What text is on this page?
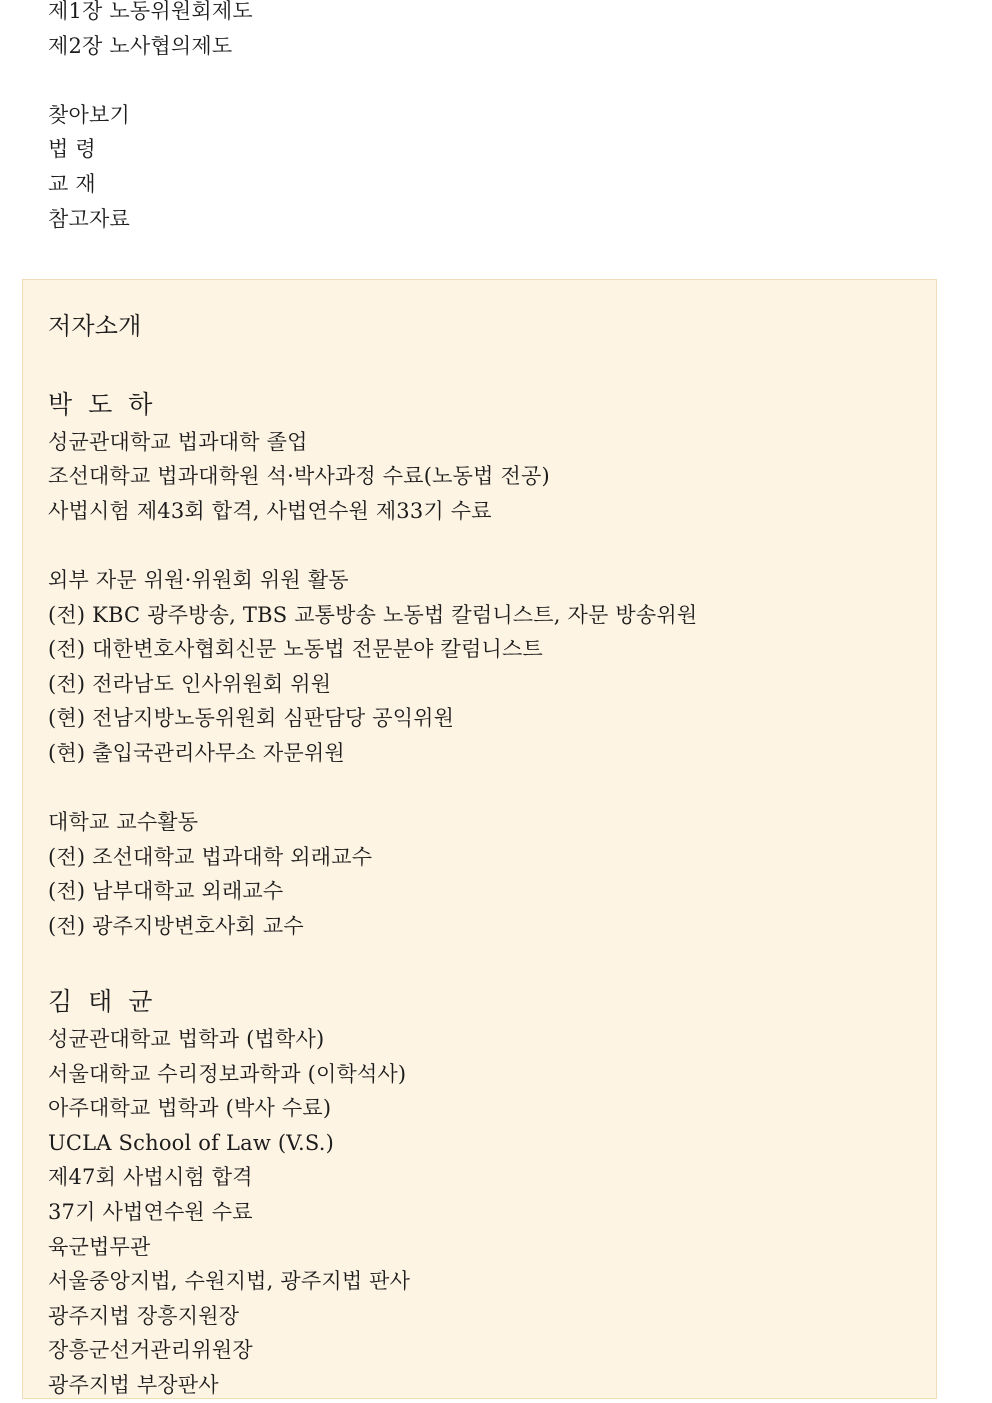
제1장 노동위원회제도
제2장 노사협의제도
찾아보기
법 령
교 재
참고자료
저자소개
박 도 하
성균관대학교 법과대학 졸업
조선대학교 법과대학원 석·박사과정 수료(노동법 전공)
사법시험 제43회 합격, 사법연수원 제33기 수료
외부 자문 위원·위원회 위원 활동
(전) KBC 광주방송, TBS 교통방송 노동법 칼럼니스트, 자문 방송위원
(전) 대한변호사협회신문 노동법 전문분야 칼럼니스트
(전) 전라남도 인사위원회 위원
(현) 전남지방노동위원회 심판담당 공익위원
(현) 출입국관리사무소 자문위원
대학교 교수활동
(전) 조선대학교 법과대학 외래교수
(전) 남부대학교 외래교수
(전) 광주지방변호사회 교수
김 태 균
성균관대학교 법학과 (법학사)
서울대학교 수리정보과학과 (이학석사)
아주대학교 법학과 (박사 수료)
UCLA School of Law (V.S.)
제47회 사법시험 합격
37기 사법연수원 수료
육군법무관
서울중앙지법, 수원지법, 광주지법 판사
광주지법 장흥지원장
장흥군선거관리위원장
광주지법 부장판사
